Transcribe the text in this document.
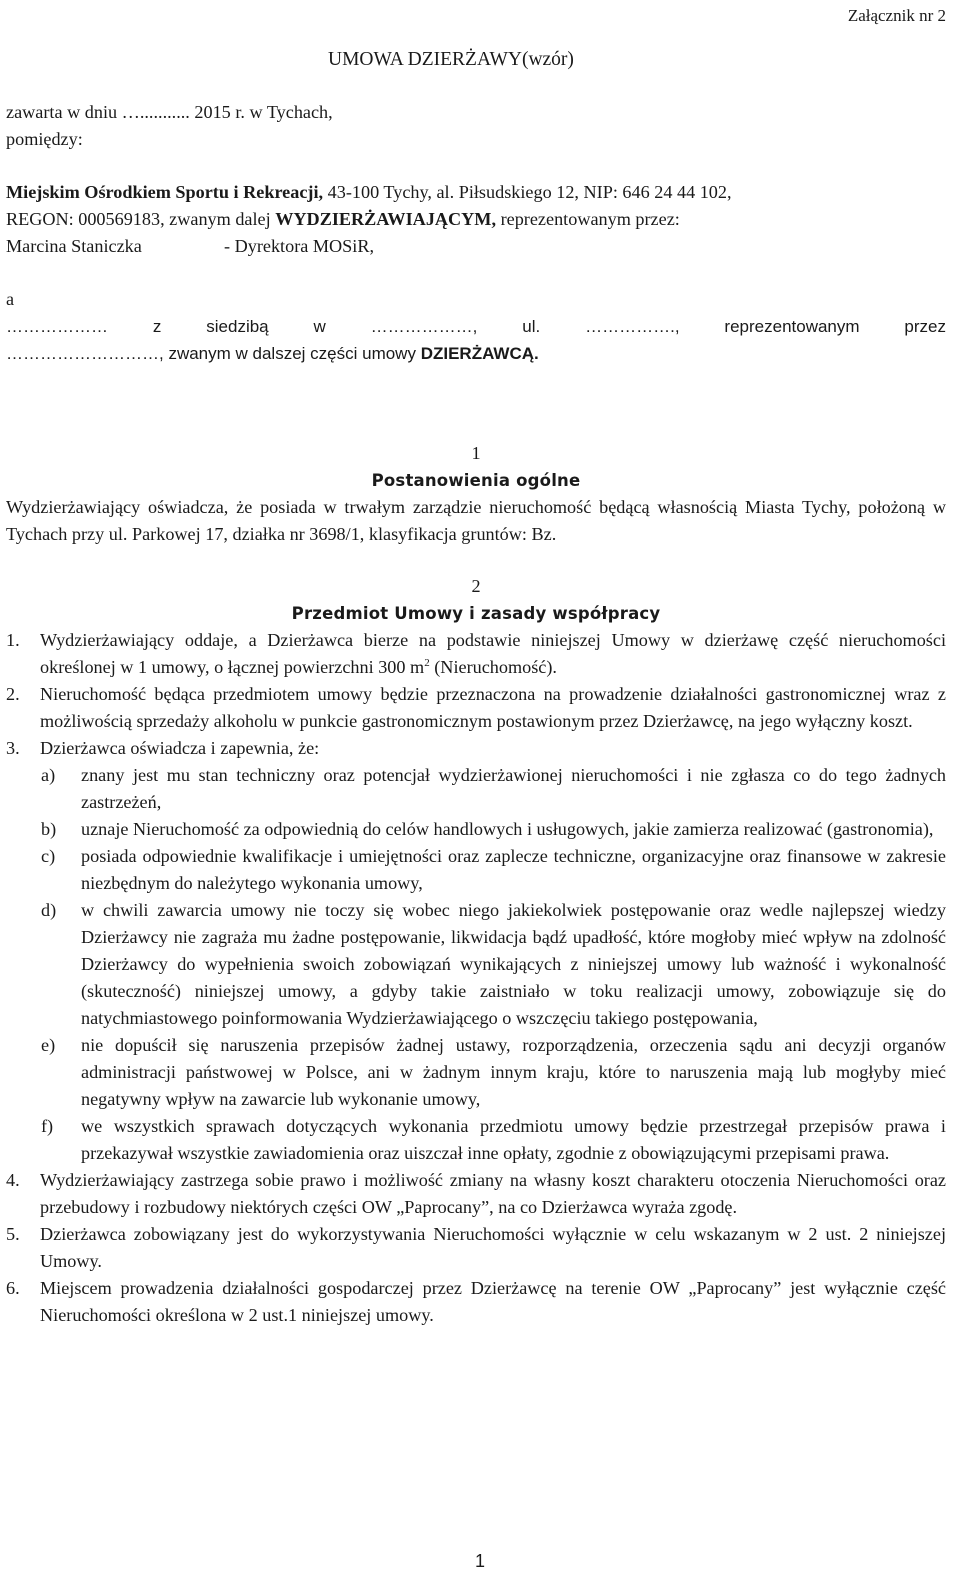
Załącznik nr 2
UMOWA DZIERŻAWY(wzór)

zawarta w dniu …........... 2015 r. w Tychach,

pomiędzy:

Miejskim Ośrodkiem Sportu i Rekreacji, 43-100 Tychy, al. Piłsudskiego 12, NIP: 646 24 44 102,

REGON: 000569183, zwanym dalej WYDZIERŻAWIAJĄCYM, reprezentowanym przez:

Marcina Staniczka	- Dyrektora MOSiR,

a

……………… z siedzibą w ………………, ul. ……………., reprezentowanym przez

………………………, zwanym w dalszej części umowy DZIERŻAWCĄ.

1

Postanowienia ogólne

Wydzierżawiający oświadcza, że posiada w trwałym zarządzie nieruchomość będącą własnością Miasta Tychy, położoną w Tychach przy ul. Parkowej 17, działka nr 3698/1, klasyfikacja gruntów: Bz.

2

Przedmiot Umowy i zasady współpracy

1.	Wydzierżawiający oddaje, a Dzierżawca bierze na podstawie niniejszej Umowy w dzierżawę część nieruchomości określonej w 1 umowy, o łącznej powierzchni 300 $m^2$ (Nieruchomość).
2.	Nieruchomość będąca przedmiotem umowy będzie przeznaczona na prowadzenie działalności gastronomicznej wraz z możliwością sprzedaży alkoholu w punkcie gastronomicznym postawionym przez Dzierżawcę, na jego wyłączny koszt.
3.	Dzierżawca oświadcza i zapewnia, że:
a)	znany jest mu stan techniczny oraz potencjał wydzierżawionej nieruchomości i nie zgłasza co do tego żadnych zastrzeżeń,
b)	uznaje Nieruchomość za odpowiednią do celów handlowych i usługowych, jakie zamierza realizować (gastronomia),
c)	posiada odpowiednie kwalifikacje i umiejętności oraz zaplecze techniczne, organizacyjne oraz finansowe w zakresie niezbędnym do należytego wykonania umowy,
d)	w chwili zawarcia umowy nie toczy się wobec niego jakiekolwiek postępowanie oraz wedle najlepszej wiedzy Dzierżawcy nie zagraża mu żadne postępowanie, likwidacja bądź upadłość, które mogłoby mieć wpływ na zdolność Dzierżawcy do wypełnienia swoich zobowiązań wynikających z niniejszej umowy lub ważność i wykonalność (skuteczność) niniejszej umowy, a gdyby takie zaistniało w toku realizacji umowy, zobowiązuje się do natychmiastowego poinformowania Wydzierżawiającego o wszczęciu takiego postępowania,
e)	nie dopuścił się naruszenia przepisów żadnej ustawy, rozporządzenia, orzeczenia sądu ani decyzji organów administracji państwowej w Polsce, ani w żadnym innym kraju, które to naruszenia mają lub mogłyby mieć negatywny wpływ na zawarcie lub wykonanie umowy,
f)	we wszystkich sprawach dotyczących wykonania przedmiotu umowy będzie przestrzegał przepisów prawa i przekazywał wszystkie zawiadomienia oraz uiszczał inne opłaty, zgodnie z obowiązującymi przepisami prawa.
4.	Wydzierżawiający zastrzega sobie prawo i możliwość zmiany na własny koszt charakteru otoczenia Nieruchomości oraz przebudowy i rozbudowy niektórych części OW „Paprocany”, na co Dzierżawca wyraża zgodę.
5.	Dzierżawca zobowiązany jest do wykorzystywania Nieruchomości wyłącznie w celu wskazanym w 2 ust. 2 niniejszej Umowy.
6.	Miejscem prowadzenia działalności gospodarczej przez Dzierżawcę na terenie OW „Paprocany” jest wyłącznie część Nieruchomości określona w 2 ust.1 niniejszej umowy.
1
